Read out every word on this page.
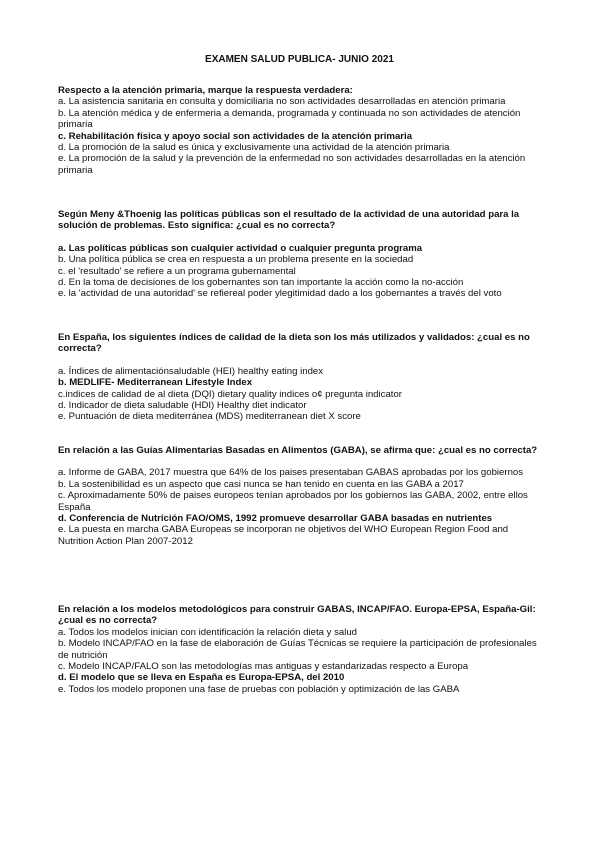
EXAMEN SALUD PUBLICA- JUNIO 2021
Respecto a la atención primaria, marque la respuesta verdadera:
a. La asistencia sanitaria en consulta y domiciliaria no son actividades desarrolladas en atención primaria
b. La atención médica y de enfermeria a demanda, programada y continuada no son actividades de atención primaria
c. Rehabilitación física y apoyo social son actividades de la atención primaria
d. La promoción de la salud es única y exclusivamente una actividad de la atención primaria
e. La promoción de la salud y la prevención de la enfermedad no son actividades desarrolladas en la atención primaria
Según Meny &Thoenig las políticas públicas son el resultado de la actividad de una autoridad para la solución de problemas. Esto significa: ¿cual es no correcta?
a. Las políticas públicas son cualquier actividad o cualquier pregunta programa
b. Una política pública se crea en respuesta a un problema presente en la sociedad
c. el 'resultado' se refiere a un programa gubernamental
d. En la toma de decisiones de los gobernantes son tan importante la acción como la no-acción
e. la 'actividad de una autoridad' se refiereal poder ylegitimidad dado a los gobernantes a través del voto
En España, los siguientes índices de calidad de la dieta son los más utilizados y validados: ¿cual es no correcta?
a. Índices de alimentaciónsaludable (HEI) healthy eating index
b. MEDLIFE- Mediterranean Lifestyle Index
c.indices de calidad de al dieta (DQI) dietary quality indices o¢ pregunta indicator
d. Indicador de dieta saludable (HDI) Healthy diet indicator
e. Puntuación de dieta mediterránea (MDS) mediterranean diet X score
En relación a las Guías Alimentarias Basadas en Alimentos (GABA), se afirma que: ¿cual es no correcta?
a. Informe de GABA, 2017 muestra que 64% de los paises presentaban GABAS aprobadas por los gobiernos
b. La sostenibilidad es un aspecto que casi nunca se han tenido en cuenta en las GABA a 2017
c. Aproximadamente 50% de paises europeos tenían aprobados por los gobiernos las GABA, 2002, entre ellos España
d. Conferencia de Nutrición FAO/OMS, 1992 promueve desarrollar GABA basadas en nutrientes
e. La puesta en marcha GABA Europeas se incorporan ne objetivos del WHO European Region Food and Nutrition Action Plan 2007-2012
En relación a los modelos metodológicos para construir GABAS, INCAP/FAO. Europa-EPSA, España-Gil: ¿cual es no correcta?
a. Todos los modelos inician con identificación la relación dieta y salud
b. Modelo INCAP/FAO en la fase de elaboración de Guías Técnicas se requiere la participación de profesionales de nutrición
c. Modelo INCAP/FALO son las metodologías mas antiguas y estandarizadas respecto a Europa
d. El modelo que se lleva en España es Europa-EPSA, del 2010
e. Todos los modelo proponen una fase de pruebas con población y optimización de las GABA
